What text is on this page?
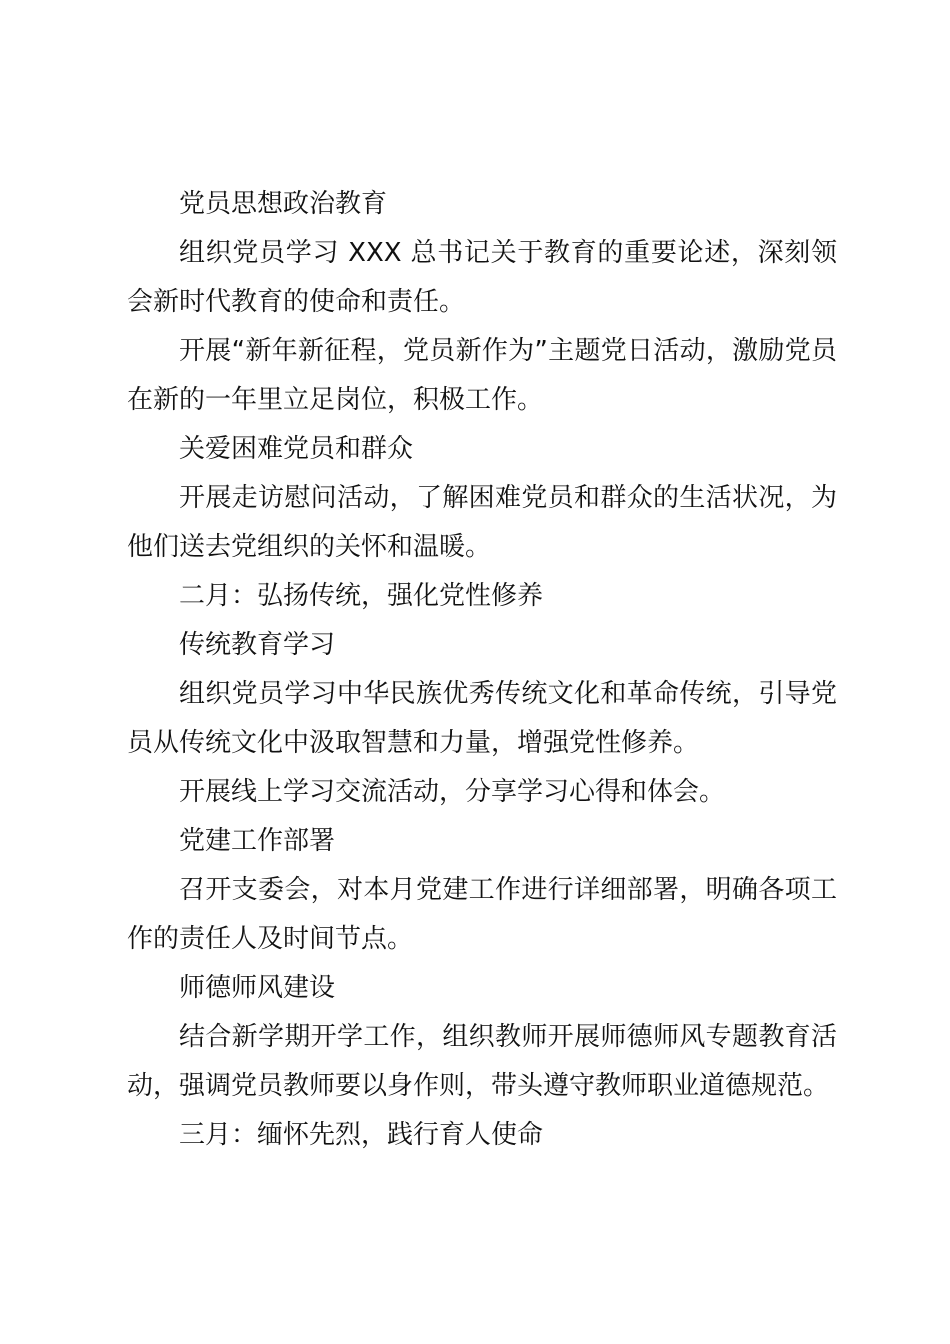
党员思想政治教育

组织党员学习 XXX 总书记关于教育的重要论述，深刻领会新时代教育的使命和责任。

开展“新年新征程，党员新作为”主题党日活动，激励党员在新的一年里立足岗位，积极工作。

关爱困难党员和群众

开展走访慰问活动，了解困难党员和群众的生活状况，为他们送去党组织的关怀和温暖。

二月：弘扬传统，强化党性修养

传统教育学习

组织党员学习中华民族优秀传统文化和革命传统，引导党员从传统文化中汲取智慧和力量，增强党性修养。

开展线上学习交流活动，分享学习心得和体会。

党建工作部署

召开支委会，对本月党建工作进行详细部署，明确各项工作的责任人及时间节点。

师德师风建设

结合新学期开学工作，组织教师开展师德师风专题教育活动，强调党员教师要以身作则，带头遵守教师职业道德规范。

三月：缅怀先烈，践行育人使命
